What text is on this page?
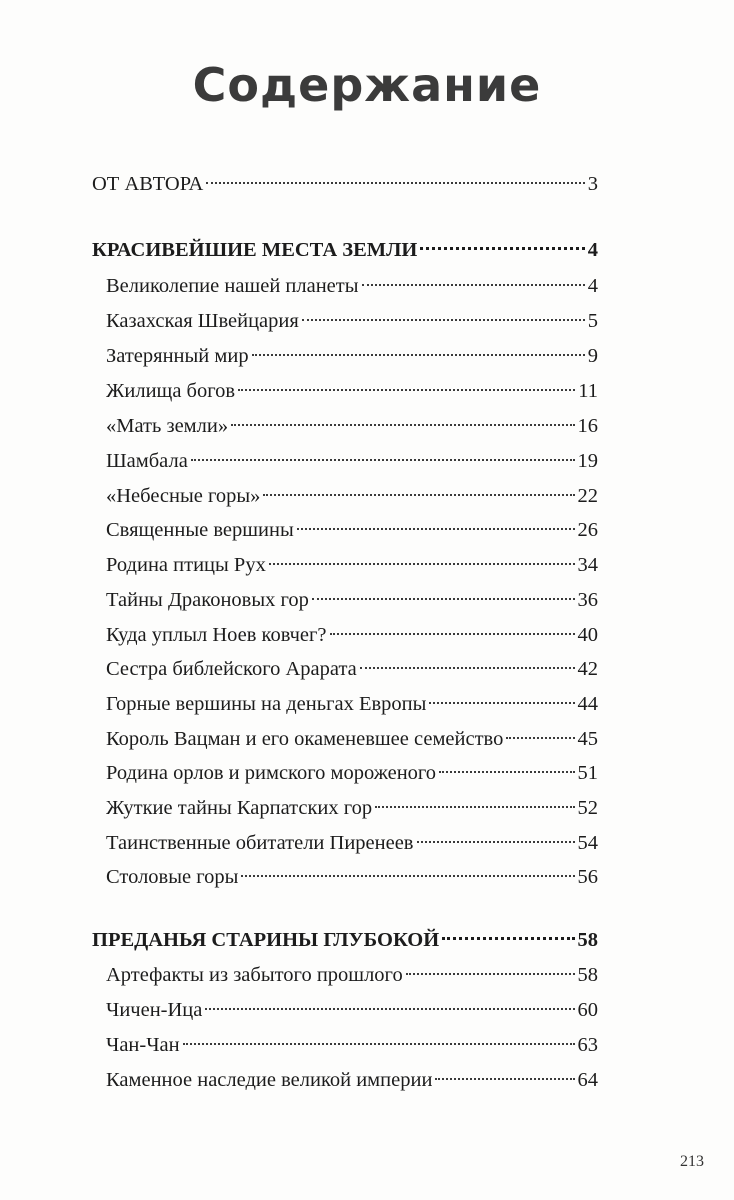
Содержание
ОТ АВТОРА	3
КРАСИВЕЙШИЕ МЕСТА ЗЕМЛИ	4
Великолепие нашей планеты	4
Казахская Швейцария	5
Затерянный мир	9
Жилища богов	11
«Мать земли»	16
Шамбала	19
«Небесные горы»	22
Священные вершины	26
Родина птицы Рух	34
Тайны Драконовых гор	36
Куда уплыл Ноев ковчег?	40
Сестра библейского Арарата	42
Горные вершины на деньгах Европы	44
Король Вацман и его окаменевшее семейство	45
Родина орлов и римского мороженого	51
Жуткие тайны Карпатских гор	52
Таинственные обитатели Пиренеев	54
Столовые горы	56
ПРЕДАНЬЯ СТАРИНЫ ГЛУБОКОЙ	58
Артефакты из забытого прошлого	58
Чичен-Ица	60
Чан-Чан	63
Каменное наследие великой империи	64
213
